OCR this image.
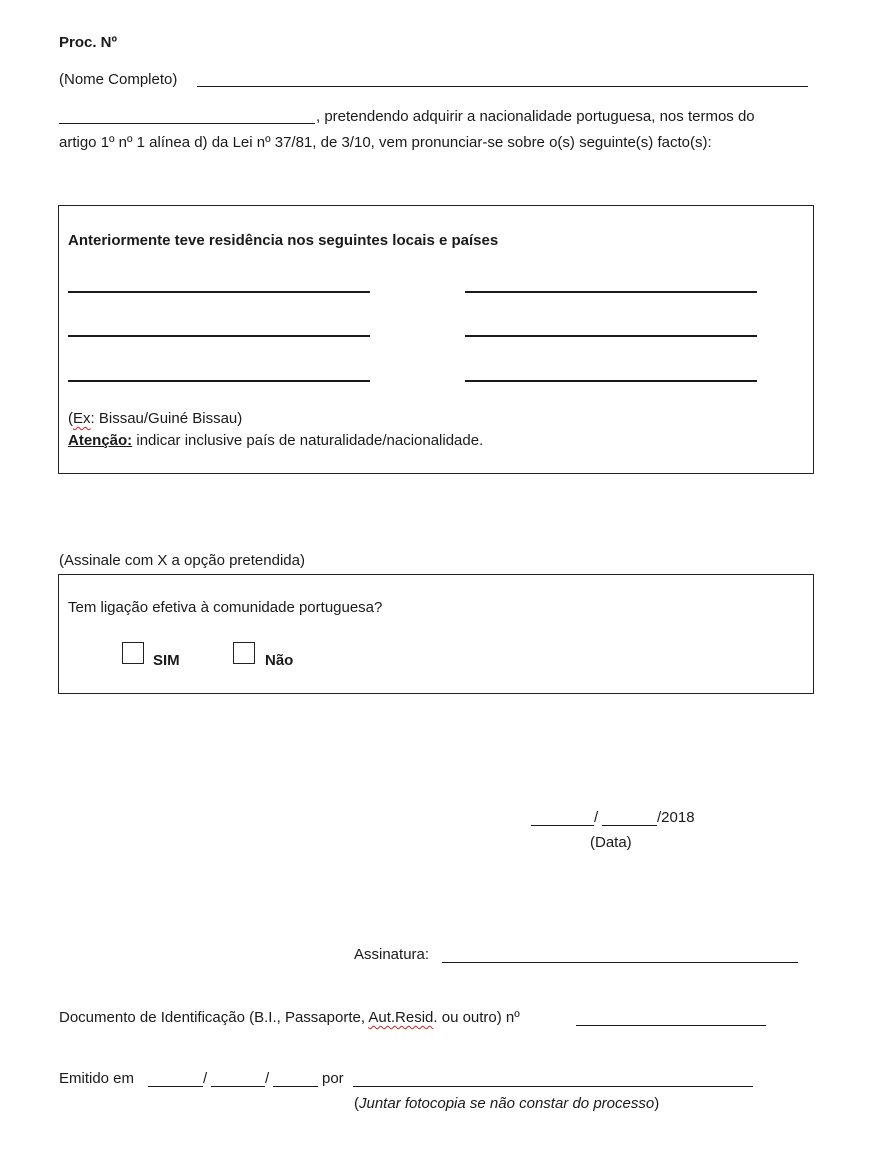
Proc. Nº
(Nome Completo)
, pretendendo adquirir a nacionalidade portuguesa, nos termos do
artigo 1º nº 1 alínea d) da Lei nº 37/81, de 3/10, vem pronunciar-se sobre o(s) seguinte(s) facto(s):
Anteriormente teve residência nos seguintes locais e países
(Ex: Bissau/Guiné Bissau)
Atenção: indicar inclusive país de naturalidade/nacionalidade.
(Assinale com X a opção pretendida)
Tem ligação efetiva à comunidade portuguesa?
SIM	Não
/	/2018
(Data)
Assinatura:
Documento de Identificação (B.I., Passaporte, Aut.Resid. ou outro) nº
Emitido em	/	/	por
(Juntar fotocopia se não constar do processo)
